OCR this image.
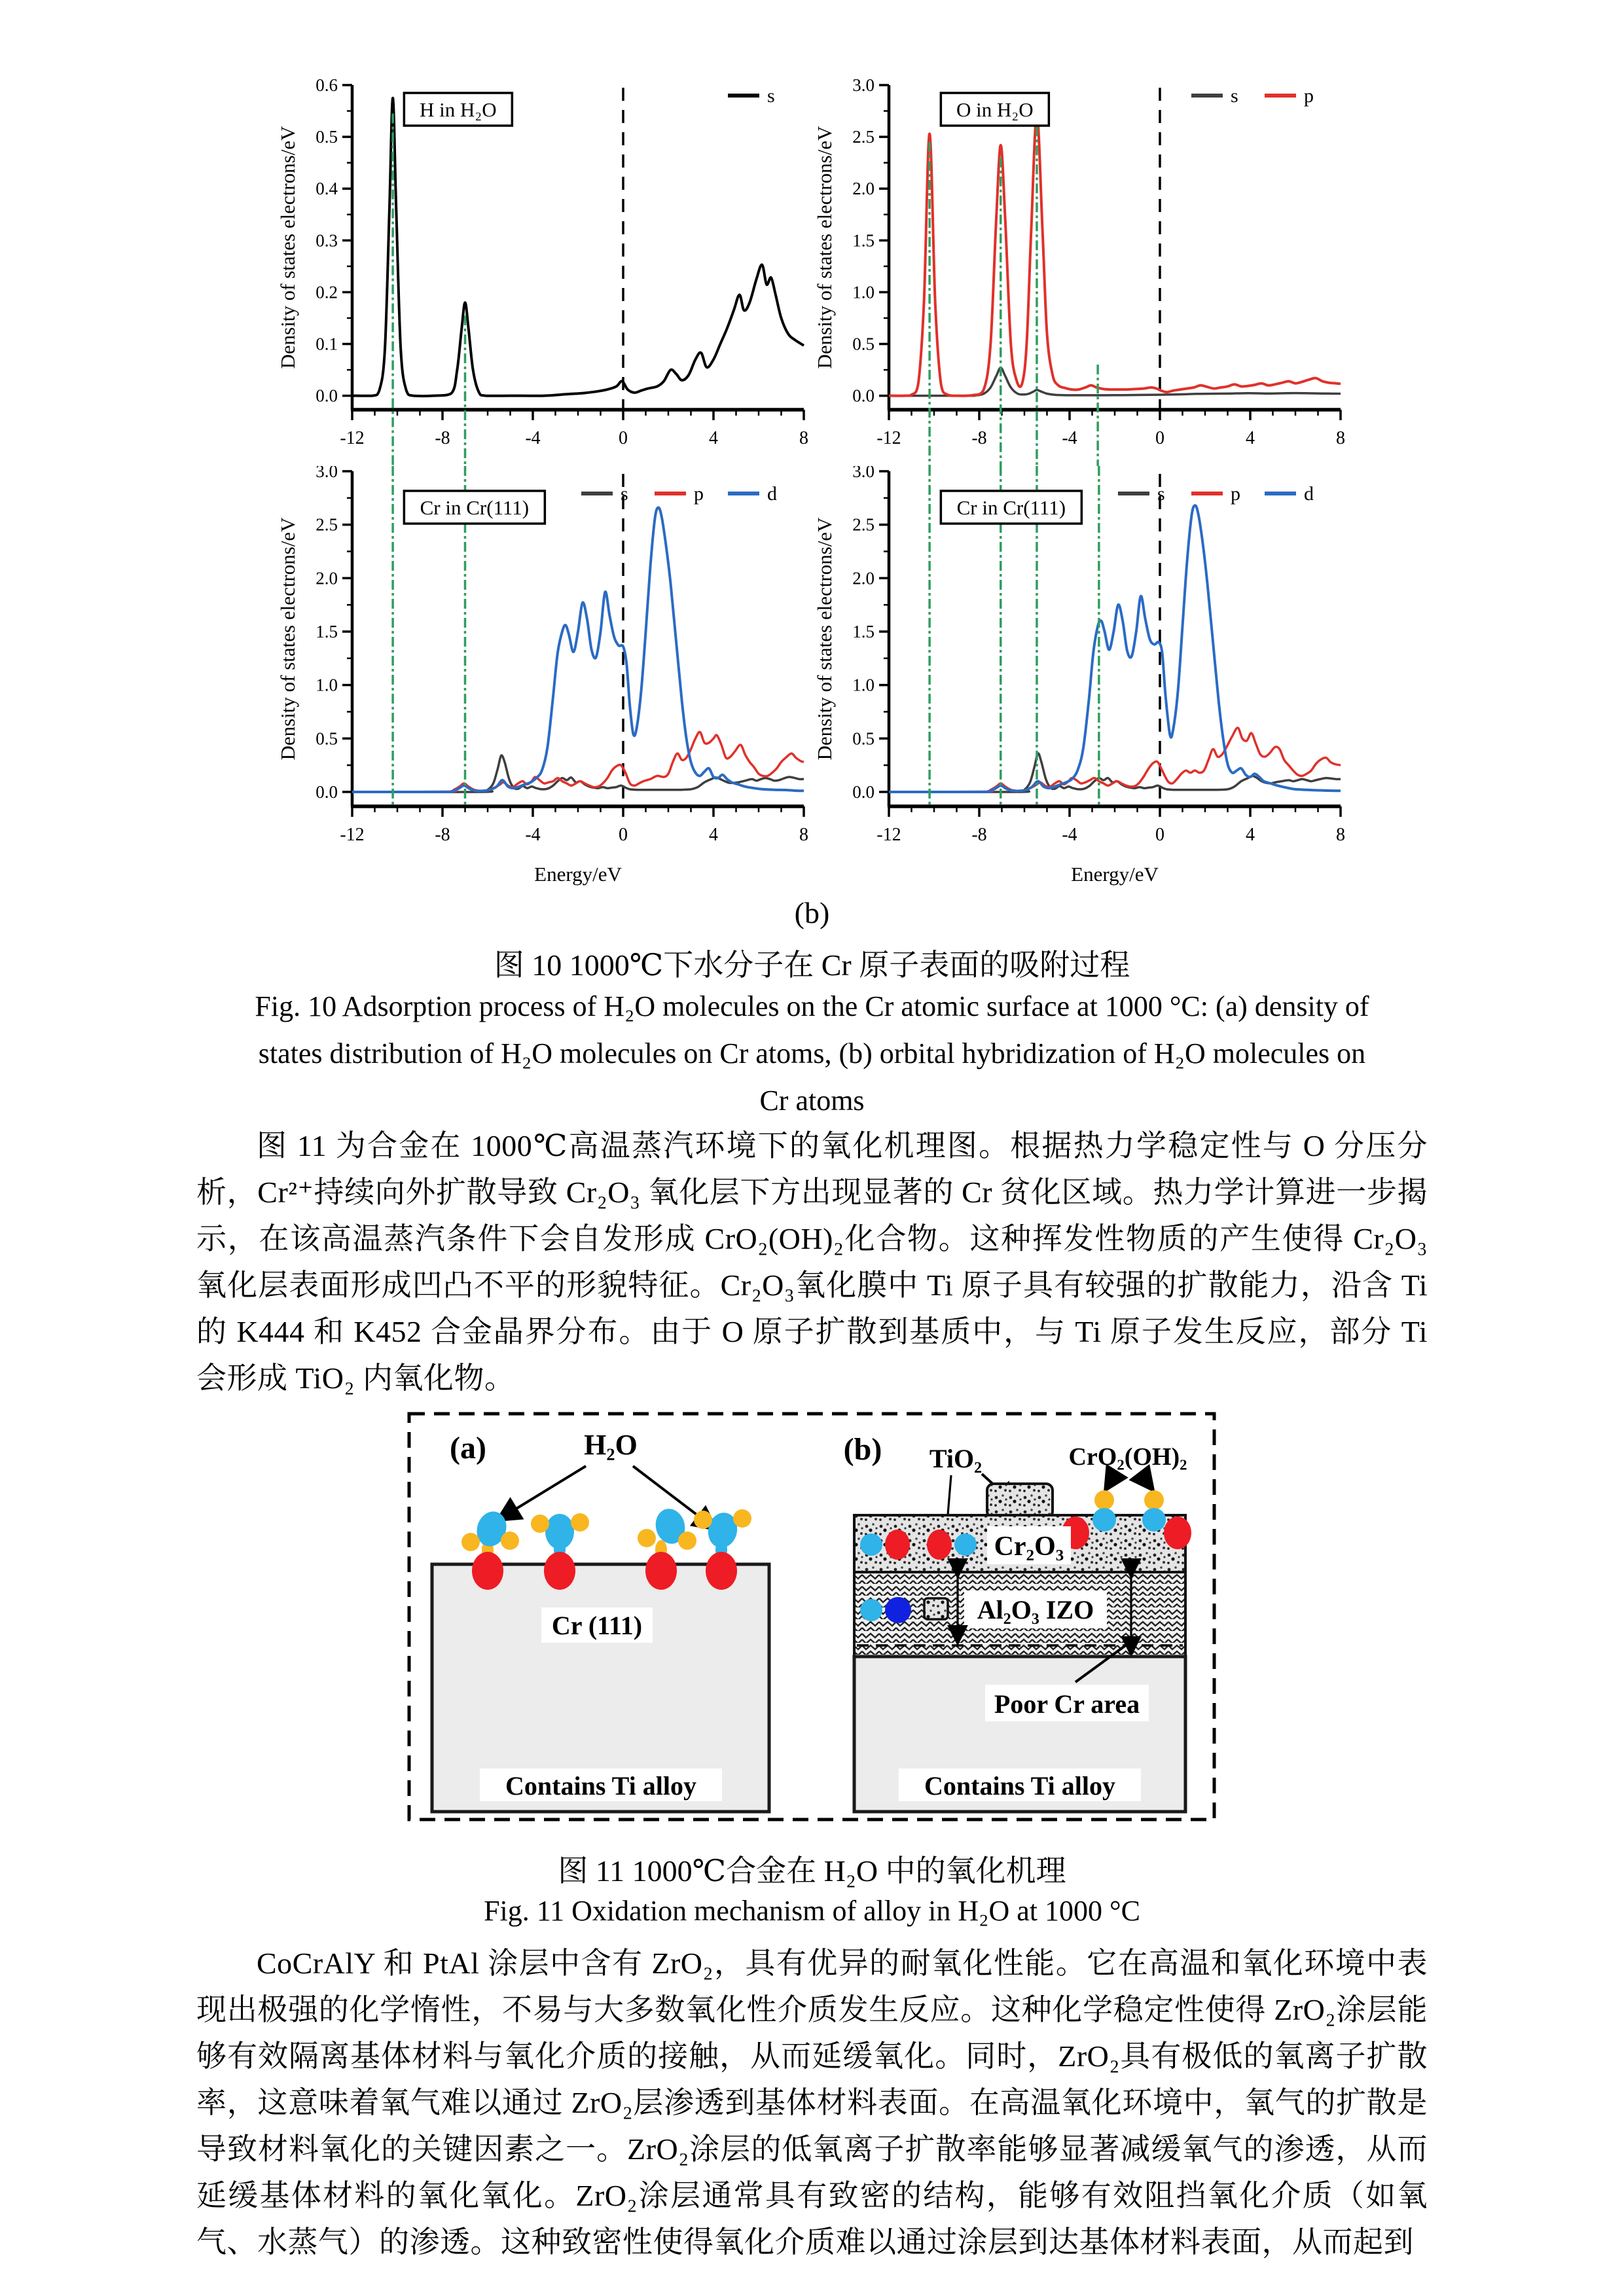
0.0
0.1
0.2
0.3
0.4
0.5
0.6
-12	-8	-4	0	4	8
Density of states electrons/eV
s
H in H₂O
0.0
0.5
1.0
1.5
2.0
2.5
3.0
-12	-8	-4	0	4	8
Density of states electrons/eV
s	p
O in H₂O
0.0
0.5
1.0
1.5
2.0
2.5
3.0
-12	-8	-4	0	4	8
Density of states electrons/eV
Energy/eV
s	p	d
Cr in Cr(111)
0.0
0.5
1.0
1.5
2.0
2.5
3.0
-12	-8	-4	0	4	8
Density of states electrons/eV
Energy/eV
s	p	d
Cr in Cr(111)
(b)
图 10 1000℃下水分子在 Cr 原子表面的吸附过程
Fig. 10 Adsorption process of H₂O molecules on the Cr atomic surface at 1000 °C: (a) density of
states distribution of H₂O molecules on Cr atoms, (b) orbital hybridization of H₂O molecules on
Cr atoms
图 11 为合金在 1000℃高温蒸汽环境下的氧化机理图。根据热力学稳定性与 O 分压分析，Cr²⁺持续向外扩散导致 Cr₂O₃ 氧化层下方出现显著的 Cr 贫化区域。热力学计算进一步揭示，在该高温蒸汽条件下会自发形成 CrO₂(OH)₂化合物。这种挥发性物质的产生使得 Cr₂O₃ 氧化层表面形成凹凸不平的形貌特征。Cr₂O₃氧化膜中 Ti 原子具有较强的扩散能力，沿含 Ti 的 K444 和 K452 合金晶界分布。由于 O 原子扩散到基质中，与 Ti 原子发生反应，部分 Ti 会形成 TiO₂ 内氧化物。
(a)	H₂O
Cr (111)
Contains Ti alloy
(b) TiO₂	CrO₂(OH)₂
Cr₂O₃
Al₂O₃ IZO
Poor Cr area
Contains Ti alloy
图 11 1000℃合金在 H₂O 中的氧化机理
Fig. 11 Oxidation mechanism of alloy in H₂O at 1000 °C
CoCrAlY 和 PtAl 涂层中含有 ZrO₂，具有优异的耐氧化性能。它在高温和氧化环境中表现出极强的化学惰性，不易与大多数氧化性介质发生反应。这种化学稳定性使得 ZrO₂涂层能够有效隔离基体材料与氧化介质的接触，从而延缓氧化。同时，ZrO₂具有极低的氧离子扩散率，这意味着氧气难以通过 ZrO₂层渗透到基体材料表面。在高温氧化环境中，氧气的扩散是导致材料氧化的关键因素之一。ZrO₂涂层的低氧离子扩散率能够显著减缓氧气的渗透，从而延缓基体材料的氧化氧化。ZrO₂涂层通常具有致密的结构，能够有效阻挡氧化介质（如氧气、水蒸气）的渗透。这种致密性使得氧化介质难以通过涂层到达基体材料表面，从而起到
